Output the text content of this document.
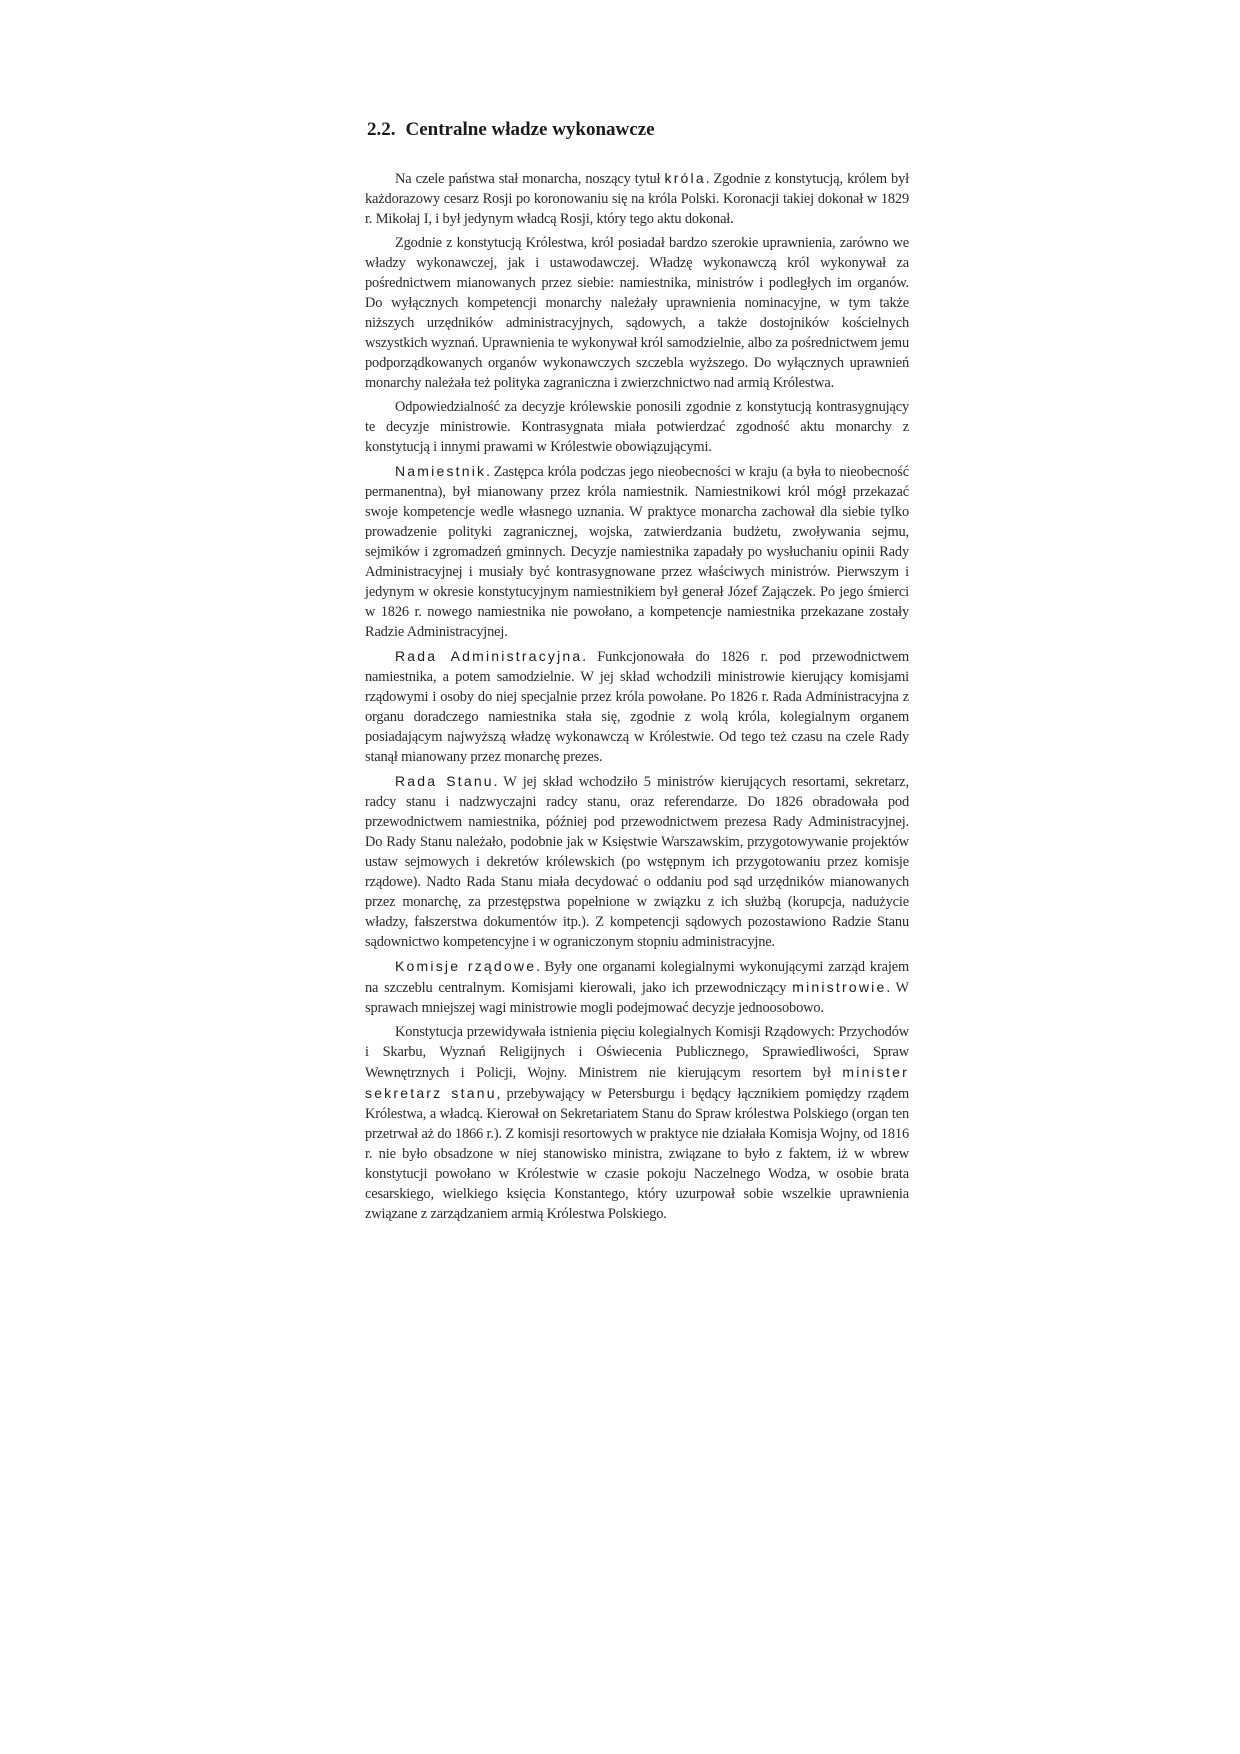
2.2. Centralne władze wykonawcze

Na czele państwa stał monarcha, noszący tytuł króla. Zgodnie z konstytucją, królem był każdorazowy cesarz Rosji po koronowaniu się na króla Polski. Koronacji takiej dokonał w 1829 r. Mikołaj I, i był jedynym władcą Rosji, który tego aktu dokonał.

Zgodnie z konstytucją Królestwa, król posiadał bardzo szerokie uprawnienia, zarówno we władzy wykonawczej, jak i ustawodawczej. Władzę wykonawczą król wykonywał za pośrednictwem mianowanych przez siebie: namiestnika, ministrów i podległych im organów. Do wyłącznych kompetencji monarchy należały uprawnienia nominacyjne, w tym także niższych urzędników administracyjnych, sądowych, a także dostojników kościelnych wszystkich wyznań. Uprawnienia te wykonywał król samodzielnie, albo za pośrednictwem jemu podporządkowanych organów wykonawczych szczebla wyższego. Do wyłącznych uprawnień monarchy należała też polityka zagraniczna i zwierzchnictwo nad armią Królestwa.

Odpowiedzialność za decyzje królewskie ponosili zgodnie z konstytucją kontrasygnujący te decyzje ministrowie. Kontrasygnata miała potwierdzać zgodność aktu monarchy z konstytucją i innymi prawami w Królestwie obowiązującymi.

Namiestnik. Zastępca króla podczas jego nieobecności w kraju (a była to nieobecność permanentna), był mianowany przez króla namiestnik. Namiestnikowi król mógł przekazać swoje kompetencje wedle własnego uznania. W praktyce monarcha zachował dla siebie tylko prowadzenie polityki zagranicznej, wojska, zatwierdzania budżetu, zwoływania sejmu, sejmików i zgromadzeń gminnych. Decyzje namiestnika zapadały po wysłuchaniu opinii Rady Administracyjnej i musiały być kontrasygnowane przez właściwych ministrów. Pierwszym i jedynym w okresie konstytucyjnym namiestnikiem był generał Józef Zajączek. Po jego śmierci w 1826 r. nowego namiestnika nie powołano, a kompetencje namiestnika przekazane zostały Radzie Administracyjnej.

Rada Administracyjna. Funkcjonowała do 1826 r. pod przewodnictwem namiestnika, a potem samodzielnie. W jej skład wchodzili ministrowie kierujący komisjami rządowymi i osoby do niej specjalnie przez króla powołane. Po 1826 r. Rada Administracyjna z organu doradczego namiestnika stała się, zgodnie z wolą króla, kolegialnym organem posiadającym najwyższą władzę wykonawczą w Królestwie. Od tego też czasu na czele Rady stanął mianowany przez monarchę prezes.

Rada Stanu. W jej skład wchodziło 5 ministrów kierujących resortami, sekretarz, radcy stanu i nadzwyczajni radcy stanu, oraz referendarze. Do 1826 obradowała pod przewodnictwem namiestnika, później pod przewodnictwem prezesa Rady Administracyjnej. Do Rady Stanu należało, podobnie jak w Księstwie Warszawskim, przygotowywanie projektów ustaw sejmowych i dekretów królewskich (po wstępnym ich przygotowaniu przez komisje rządowe). Nadto Rada Stanu miała decydować o oddaniu pod sąd urzędników mianowanych przez monarchę, za przestępstwa popełnione w związku z ich służbą (korupcja, nadużycie władzy, fałszerstwa dokumentów itp.). Z kompetencji sądowych pozostawiono Radzie Stanu sądownictwo kompetencyjne i w ograniczonym stopniu administracyjne.

Komisje rządowe. Były one organami kolegialnymi wykonującymi zarząd krajem na szczeblu centralnym. Komisjami kierowali, jako ich przewodniczący ministrowie. W sprawach mniejszej wagi ministrowie mogli podejmować decyzje jednoosobowo.

Konstytucja przewidywała istnienia pięciu kolegialnych Komisji Rządowych: Przychodów i Skarbu, Wyznań Religijnych i Oświecenia Publicznego, Sprawiedliwości, Spraw Wewnętrznych i Policji, Wojny. Ministrem nie kierującym resortem był minister sekretarz stanu, przebywający w Petersburgu i będący łącznikiem pomiędzy rządem Królestwa, a władcą. Kierował on Sekretariatem Stanu do Spraw królestwa Polskiego (organ ten przetrwał aż do 1866 r.). Z komisji resortowych w praktyce nie działała Komisja Wojny, od 1816 r. nie było obsadzone w niej stanowisko ministra, związane to było z faktem, iż w wbrew konstytucji powołano w Królestwie w czasie pokoju Naczelnego Wodza, w osobie brata cesarskiego, wielkiego księcia Konstantego, który uzurpował sobie wszelkie uprawnienia związane z zarządzaniem armią Królestwa Polskiego.
